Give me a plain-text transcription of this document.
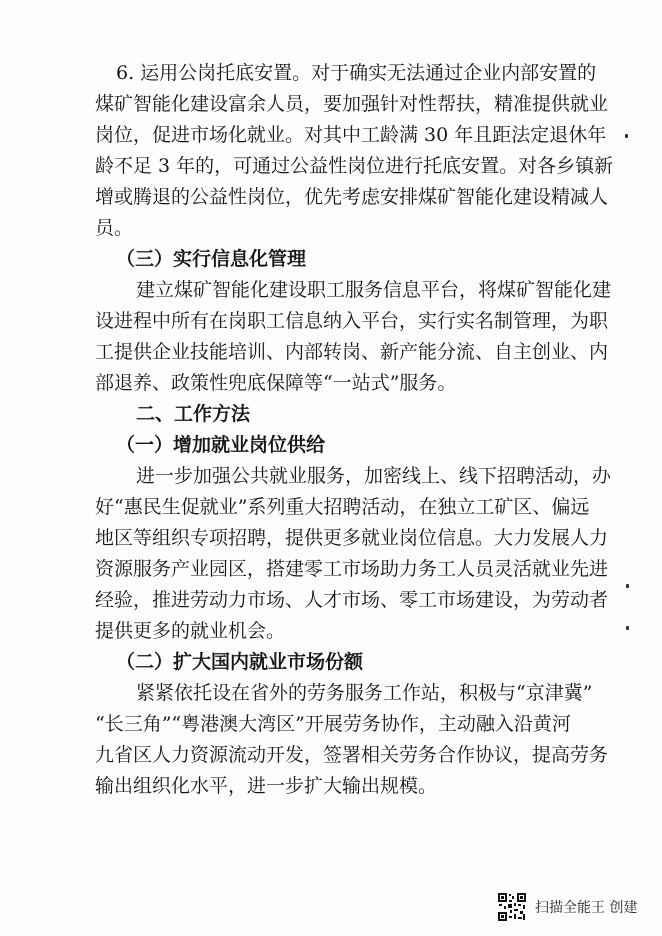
6. 运用公岗托底安置。对于确实无法通过企业内部安置的
煤矿智能化建设富余人员，要加强针对性帮扶，精准提供就业
岗位，促进市场化就业。对其中工龄满 30 年且距法定退休年
龄不足 3 年的，可通过公益性岗位进行托底安置。对各乡镇新
增或腾退的公益性岗位，优先考虑安排煤矿智能化建设精减人
员。
（三）实行信息化管理
建立煤矿智能化建设职工服务信息平台，将煤矿智能化建
设进程中所有在岗职工信息纳入平台，实行实名制管理，为职
工提供企业技能培训、内部转岗、新产能分流、自主创业、内
部退养、政策性兜底保障等“一站式”服务。
二、工作方法
（一）增加就业岗位供给
进一步加强公共就业服务，加密线上、线下招聘活动，办
好“惠民生促就业”系列重大招聘活动，在独立工矿区、偏远
地区等组织专项招聘，提供更多就业岗位信息。大力发展人力
资源服务产业园区，搭建零工市场助力务工人员灵活就业先进
经验，推进劳动力市场、人才市场、零工市场建设，为劳动者
提供更多的就业机会。
（二）扩大国内就业市场份额
紧紧依托设在省外的劳务服务工作站，积极与“京津冀”
“长三角”“粤港澳大湾区”开展劳务协作，主动融入沿黄河
九省区人力资源流动开发，签署相关劳务合作协议，提高劳务
输出组织化水平，进一步扩大输出规模。
扫描全能王 创建
